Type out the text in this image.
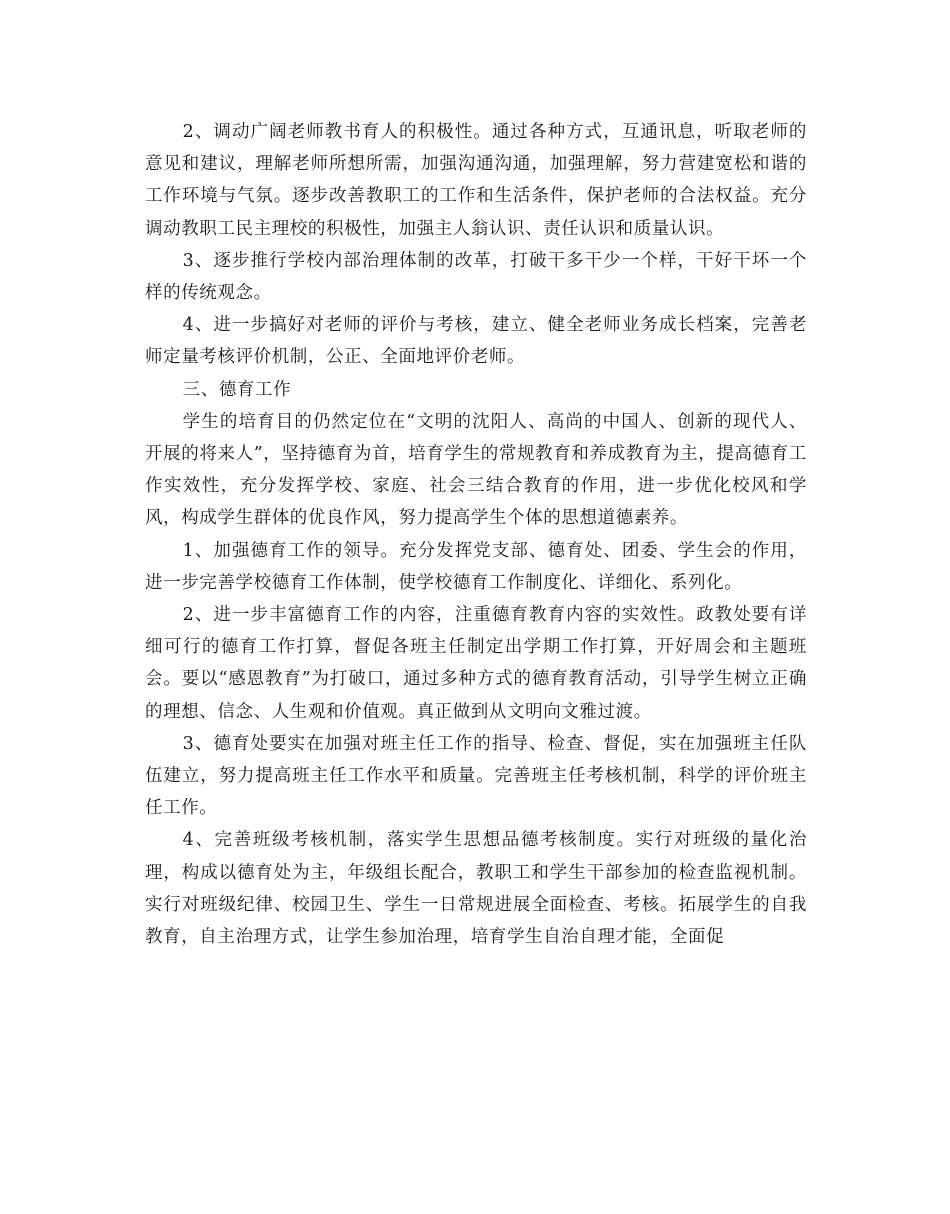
2、调动广阔老师教书育人的积极性。通过各种方式，互通讯息，听取老师的意见和建议，理解老师所想所需，加强沟通沟通，加强理解，努力营建宽松和谐的工作环境与气氛。逐步改善教职工的工作和生活条件，保护老师的合法权益。充分调动教职工民主理校的积极性，加强主人翁认识、责任认识和质量认识。

3、逐步推行学校内部治理体制的改革，打破干多干少一个样，干好干坏一个样的传统观念。

4、进一步搞好对老师的评价与考核，建立、健全老师业务成长档案，完善老师定量考核评价机制，公正、全面地评价老师。

三、德育工作

学生的培育目的仍然定位在“文明的沈阳人、高尚的中国人、创新的现代人、开展的将来人”，坚持德育为首，培育学生的常规教育和养成教育为主，提高德育工作实效性，充分发挥学校、家庭、社会三结合教育的作用，进一步优化校风和学风，构成学生群体的优良作风，努力提高学生个体的思想道德素养。

1、加强德育工作的领导。充分发挥党支部、德育处、团委、学生会的作用，进一步完善学校德育工作体制，使学校德育工作制度化、详细化、系列化。

2、进一步丰富德育工作的内容，注重德育教育内容的实效性。政教处要有详细可行的德育工作打算，督促各班主任制定出学期工作打算，开好周会和主题班会。要以“感恩教育”为打破口，通过多种方式的德育教育活动，引导学生树立正确的理想、信念、人生观和价值观。真正做到从文明向文雅过渡。

3、德育处要实在加强对班主任工作的指导、检查、督促，实在加强班主任队伍建立，努力提高班主任工作水平和质量。完善班主任考核机制，科学的评价班主任工作。

4、完善班级考核机制，落实学生思想品德考核制度。实行对班级的量化治理，构成以德育处为主，年级组长配合，教职工和学生干部参加的检查监视机制。实行对班级纪律、校园卫生、学生一日常规进展全面检查、考核。拓展学生的自我教育，自主治理方式，让学生参加治理，培育学生自治自理才能，全面促
